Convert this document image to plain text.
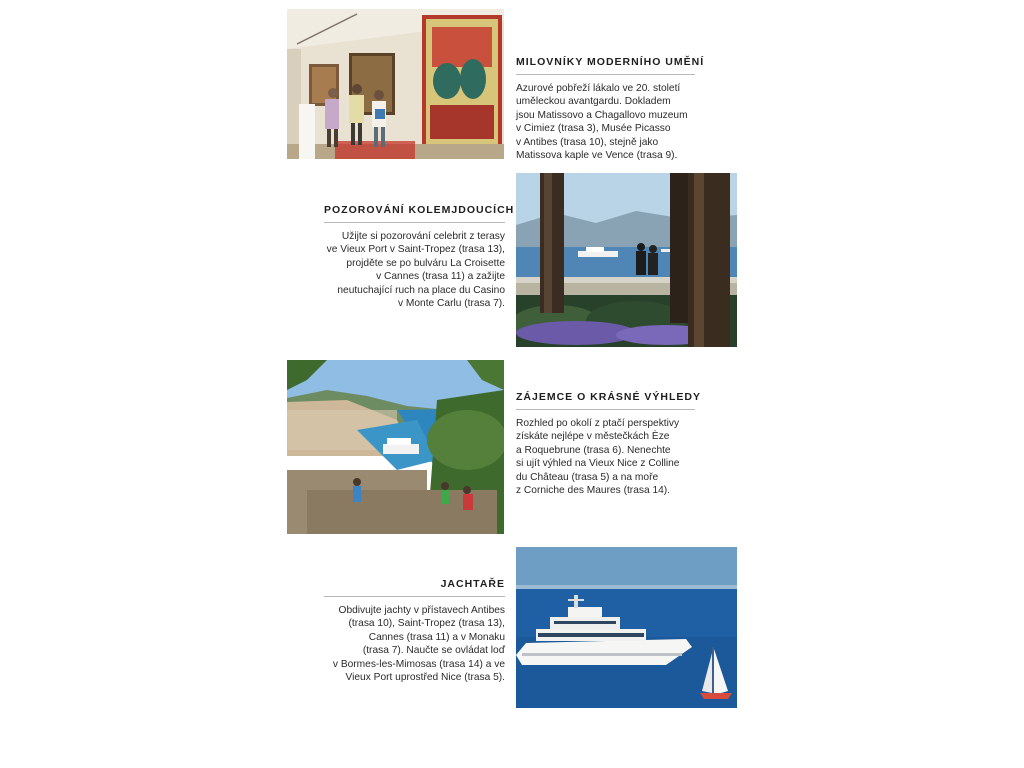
MILOVNÍKY MODERNÍHO UMĚNÍ
Azurové pobřeží lákalo ve 20. století
uměleckou avantgardu. Dokladem
jsou Matissovo a Chagallovo muzeum
v Cimiez (trasa 3), Musée Picasso
v Antibes (trasa 10), stejně jako
Matissova kaple ve Vence (trasa 9).
POZOROVÁNÍ KOLEMJDOUCÍCH
Užijte si pozorování celebrit z terasy
ve Vieux Port v Saint-Tropez (trasa 13),
projděte se po bulváru La Croisette
v Cannes (trasa 11) a zažijte
neutuchající ruch na place du Casino
v Monte Carlu (trasa 7).
ZÁJEMCE O KRÁSNÉ VÝHLEDY
Rozhled po okolí z ptačí perspektivy
získáte nejlépe v městečkách Èze
a Roquebrune (trasa 6). Nenechte
si ujít výhled na Vieux Nice z Colline
du Château (trasa 5) a na moře
z Corniche des Maures (trasa 14).
JACHTAŘE
Obdivujte jachty v přístavech Antibes
(trasa 10), Saint-Tropez (trasa 13),
Cannes (trasa 11) a v Monaku
(trasa 7). Naučte se ovládat loď
v Bormes-les-Mimosas (trasa 14) a ve
Vieux Port uprostřed Nice (trasa 5).
